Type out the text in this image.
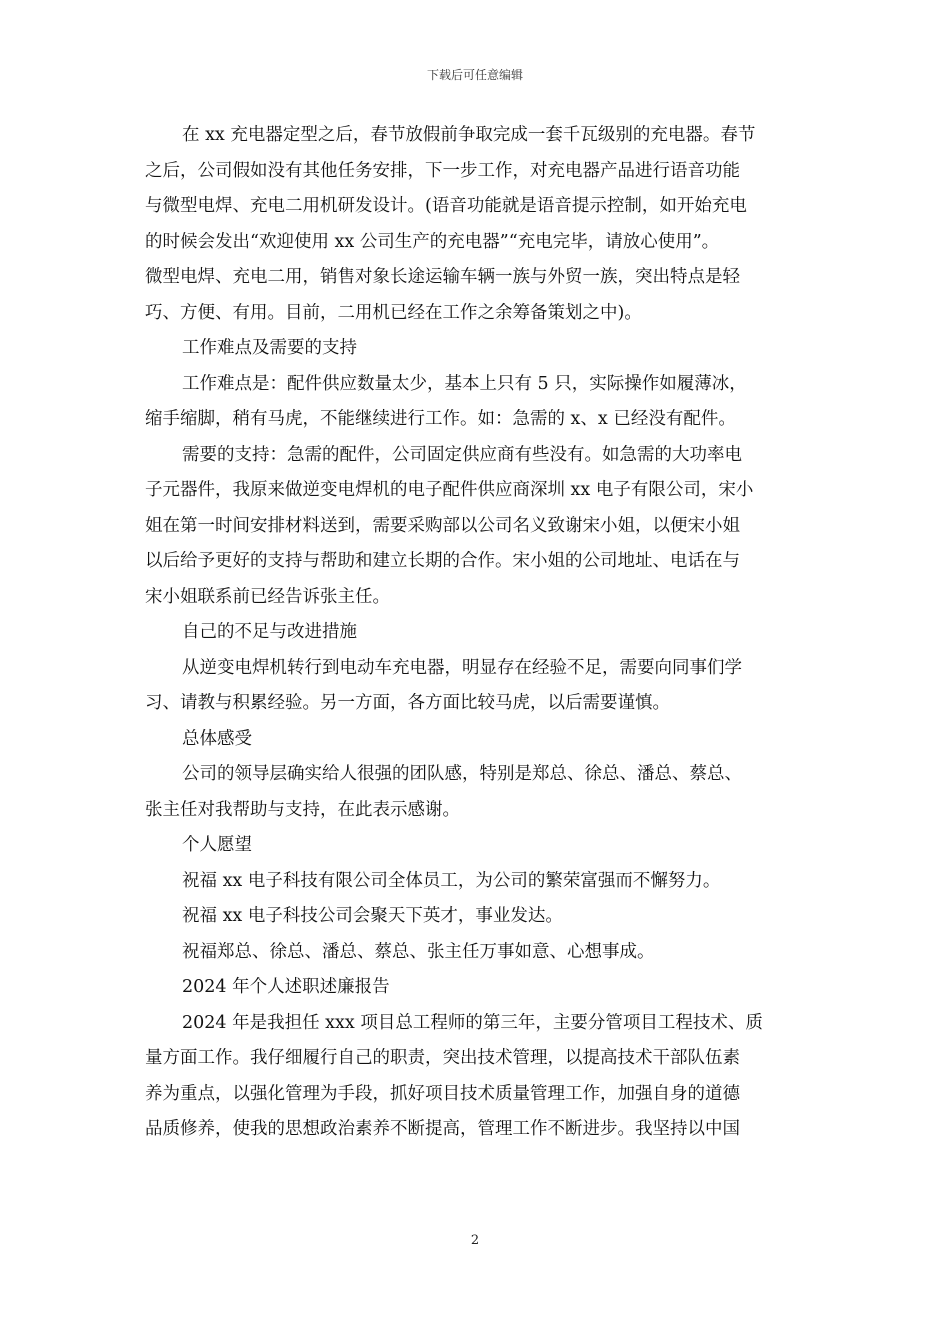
下载后可任意编辑
在 xx 充电器定型之后，春节放假前争取完成一套千瓦级别的充电器。春节
之后，公司假如没有其他任务安排，下一步工作，对充电器产品进行语音功能
与微型电焊、充电二用机研发设计。(语音功能就是语音提示控制，如开始充电
的时候会发出“欢迎使用 xx 公司生产的充电器”“充电完毕，请放心使用”。
微型电焊、充电二用，销售对象长途运输车辆一族与外贸一族，突出特点是轻
巧、方便、有用。目前，二用机已经在工作之余筹备策划之中)。
工作难点及需要的支持
工作难点是：配件供应数量太少，基本上只有 5 只，实际操作如履薄冰，
缩手缩脚，稍有马虎，不能继续进行工作。如：急需的 x、x 已经没有配件。
需要的支持：急需的配件，公司固定供应商有些没有。如急需的大功率电
子元器件，我原来做逆变电焊机的电子配件供应商深圳 xx 电子有限公司，宋小
姐在第一时间安排材料送到，需要采购部以公司名义致谢宋小姐，以便宋小姐
以后给予更好的支持与帮助和建立长期的合作。宋小姐的公司地址、电话在与
宋小姐联系前已经告诉张主任。
自己的不足与改进措施
从逆变电焊机转行到电动车充电器，明显存在经验不足，需要向同事们学
习、请教与积累经验。另一方面，各方面比较马虎，以后需要谨慎。
总体感受
公司的领导层确实给人很强的团队感，特别是郑总、徐总、潘总、蔡总、
张主任对我帮助与支持，在此表示感谢。
个人愿望
祝福 xx 电子科技有限公司全体员工，为公司的繁荣富强而不懈努力。
祝福 xx 电子科技公司会聚天下英才，事业发达。
祝福郑总、徐总、潘总、蔡总、张主任万事如意、心想事成。
2024 年个人述职述廉报告
2024 年是我担任 xxx 项目总工程师的第三年，主要分管项目工程技术、质
量方面工作。我仔细履行自己的职责，突出技术管理，以提高技术干部队伍素
养为重点，以强化管理为手段，抓好项目技术质量管理工作，加强自身的道德
品质修养，使我的思想政治素养不断提高，管理工作不断进步。我坚持以中国
2
